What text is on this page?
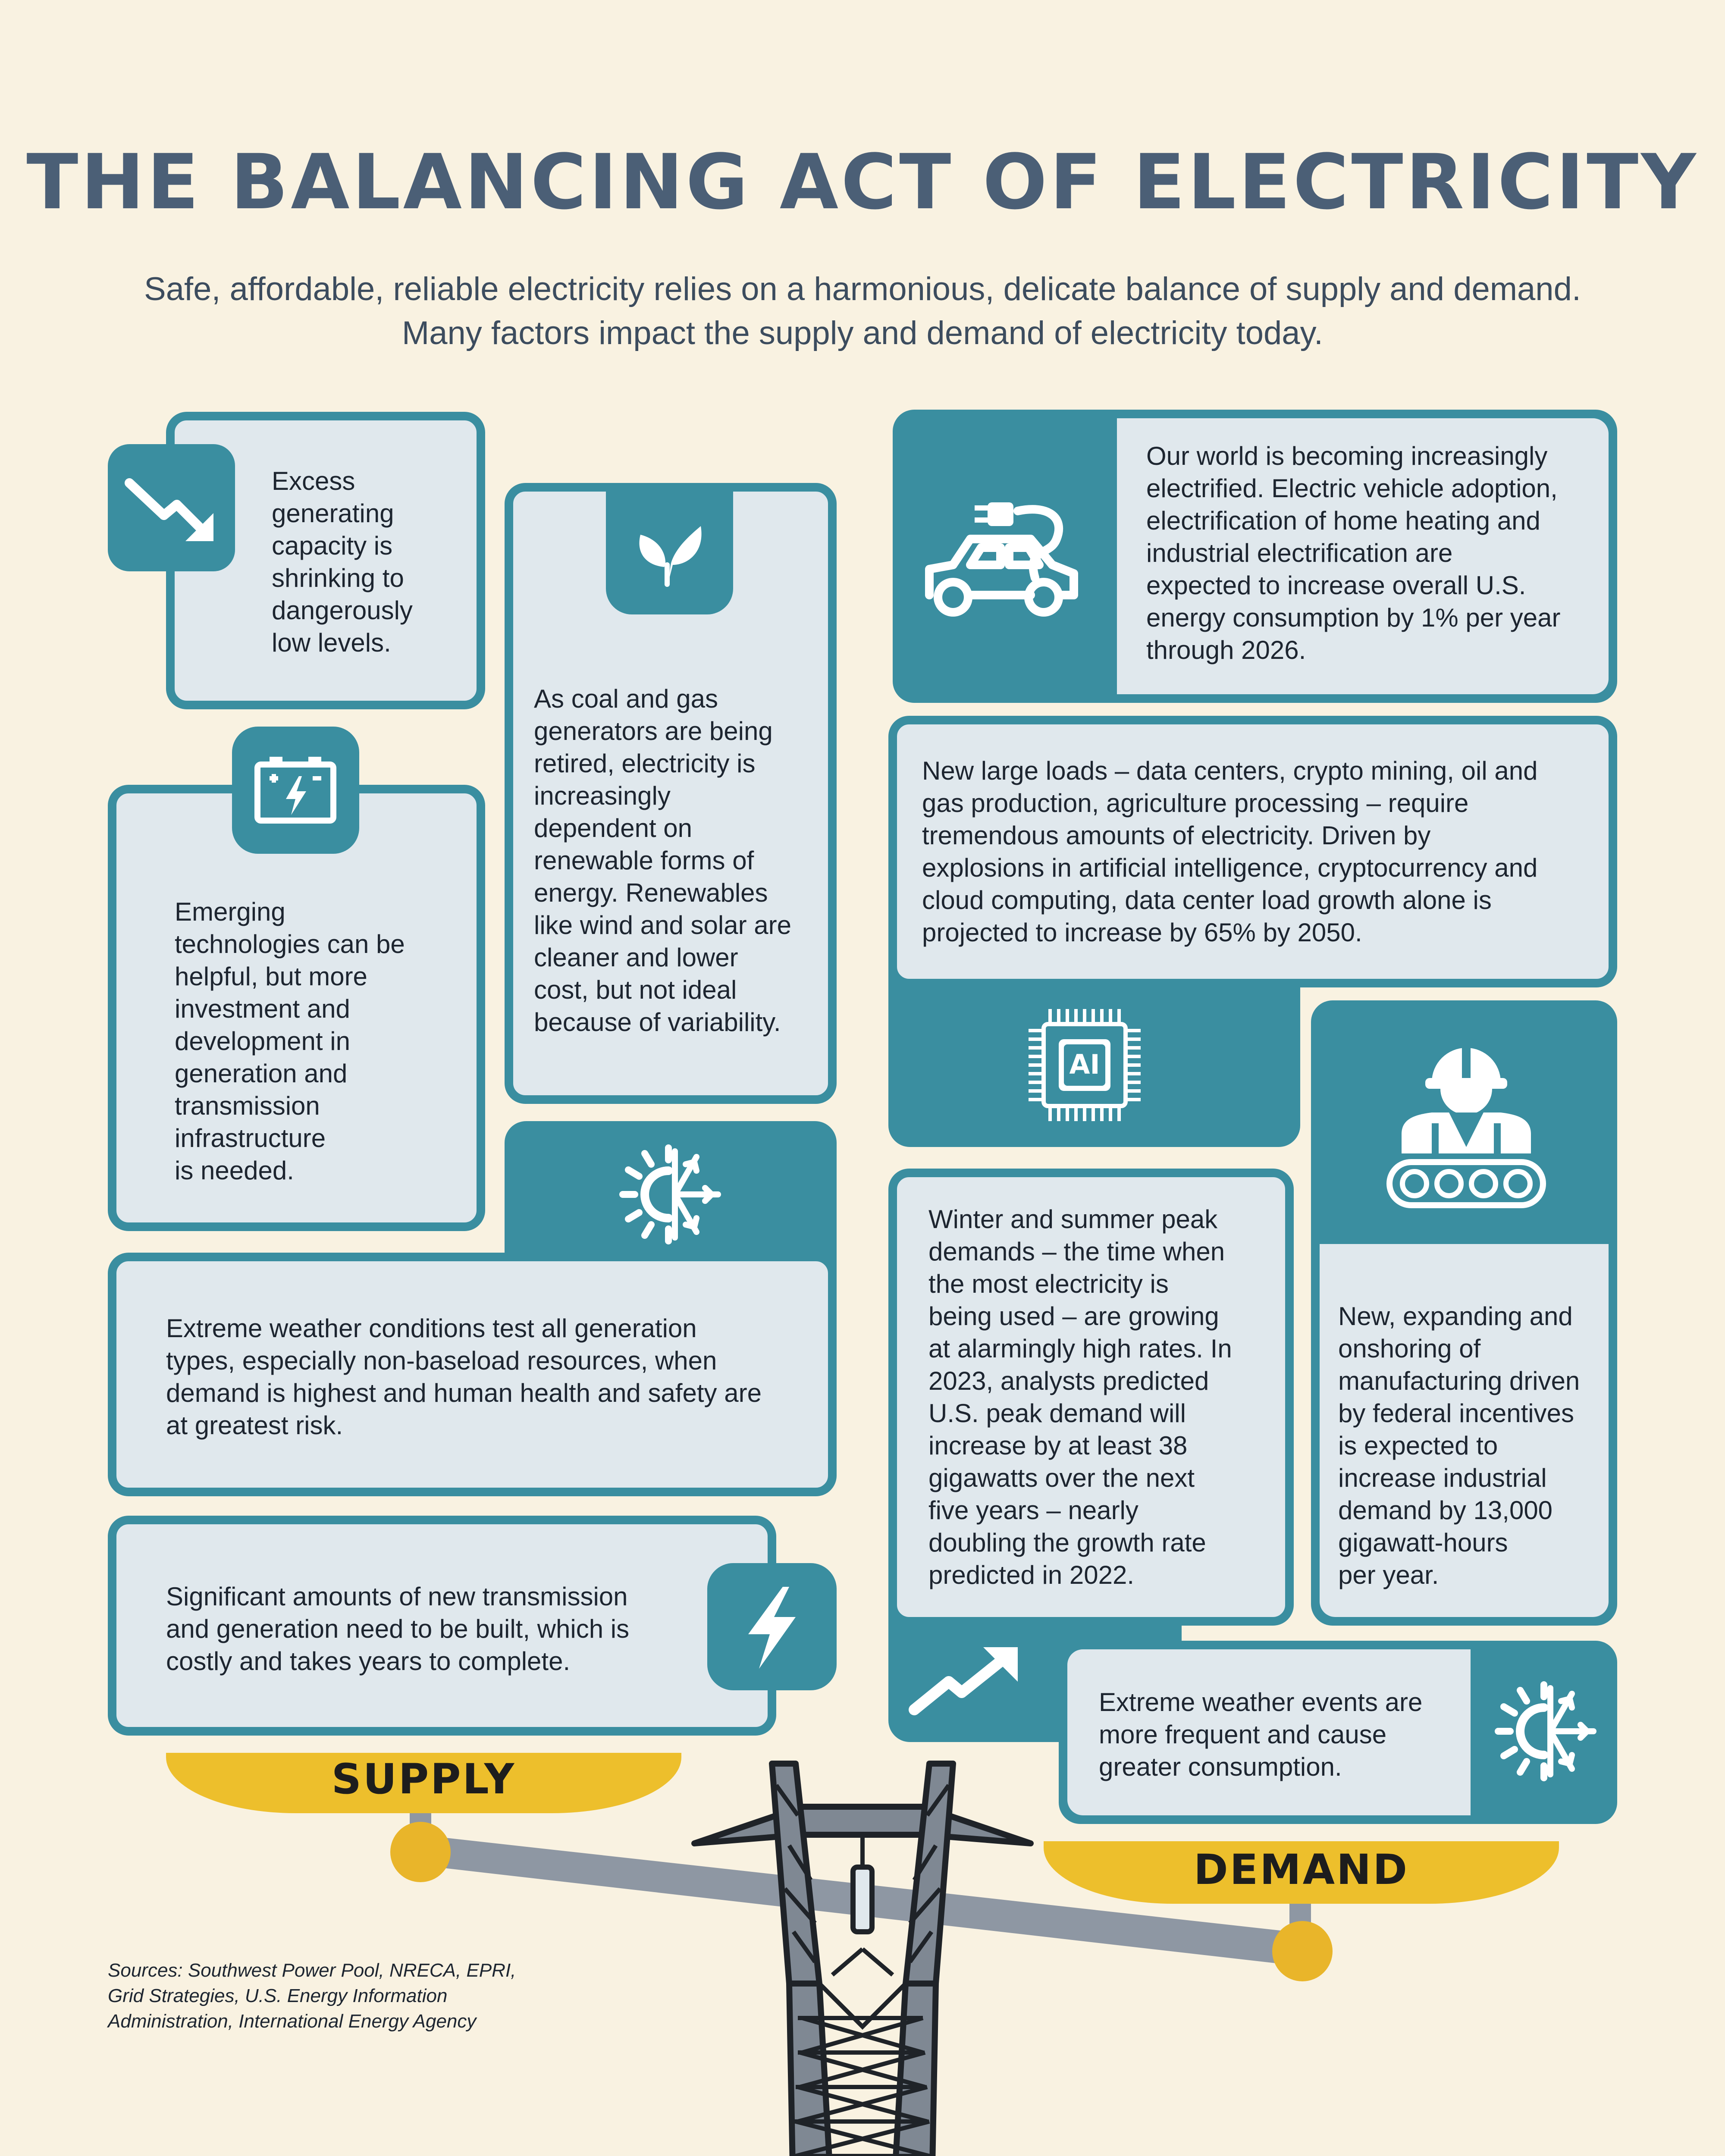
THE BALANCING ACT OF ELECTRICITY
Safe, affordable, reliable electricity relies on a harmonious, delicate balance of supply and demand. Many factors impact the supply and demand of electricity today.
SUPPLY
DEMAND
Excess
generating
capacity is
shrinking to
dangerously
low levels.
As coal and gas
generators are being
retired, electricity is
increasingly
dependent on
renewable forms of
energy. Renewables
like wind and solar are
cleaner and lower
cost, but not ideal
because of variability.
Emerging
technologies can be
helpful, but more
investment and
development in
generation and
transmission
infrastructure
is needed.
Extreme weather conditions test all generation
types, especially non-baseload resources, when
demand is highest and human health and safety are
at greatest risk.
Significant amounts of new transmission
and generation need to be built, which is
costly and takes years to complete.
Our world is becoming increasingly
electrified. Electric vehicle adoption,
electrification of home heating and
industrial electrification are
expected to increase overall U.S.
energy consumption by 1% per year
through 2026.
New large loads – data centers, crypto mining, oil and
gas production, agriculture processing – require
tremendous amounts of electricity. Driven by
explosions in artificial intelligence, cryptocurrency and
cloud computing, data center load growth alone is
projected to increase by 65% by 2050.
AI
Winter and summer peak
demands – the time when
the most electricity is
being used – are growing
at alarmingly high rates. In
2023, analysts predicted
U.S. peak demand will
increase by at least 38
gigawatts over the next
five years – nearly
doubling the growth rate
predicted in 2022.
New, expanding and
onshoring of
manufacturing driven
by federal incentives
is expected to
increase industrial
demand by 13,000
gigawatt-hours
per year.
Extreme weather events are
more frequent and cause
greater consumption.
Sources: Southwest Power Pool, NRECA, EPRI,
Grid Strategies, U.S. Energy Information
Administration, International Energy Agency
